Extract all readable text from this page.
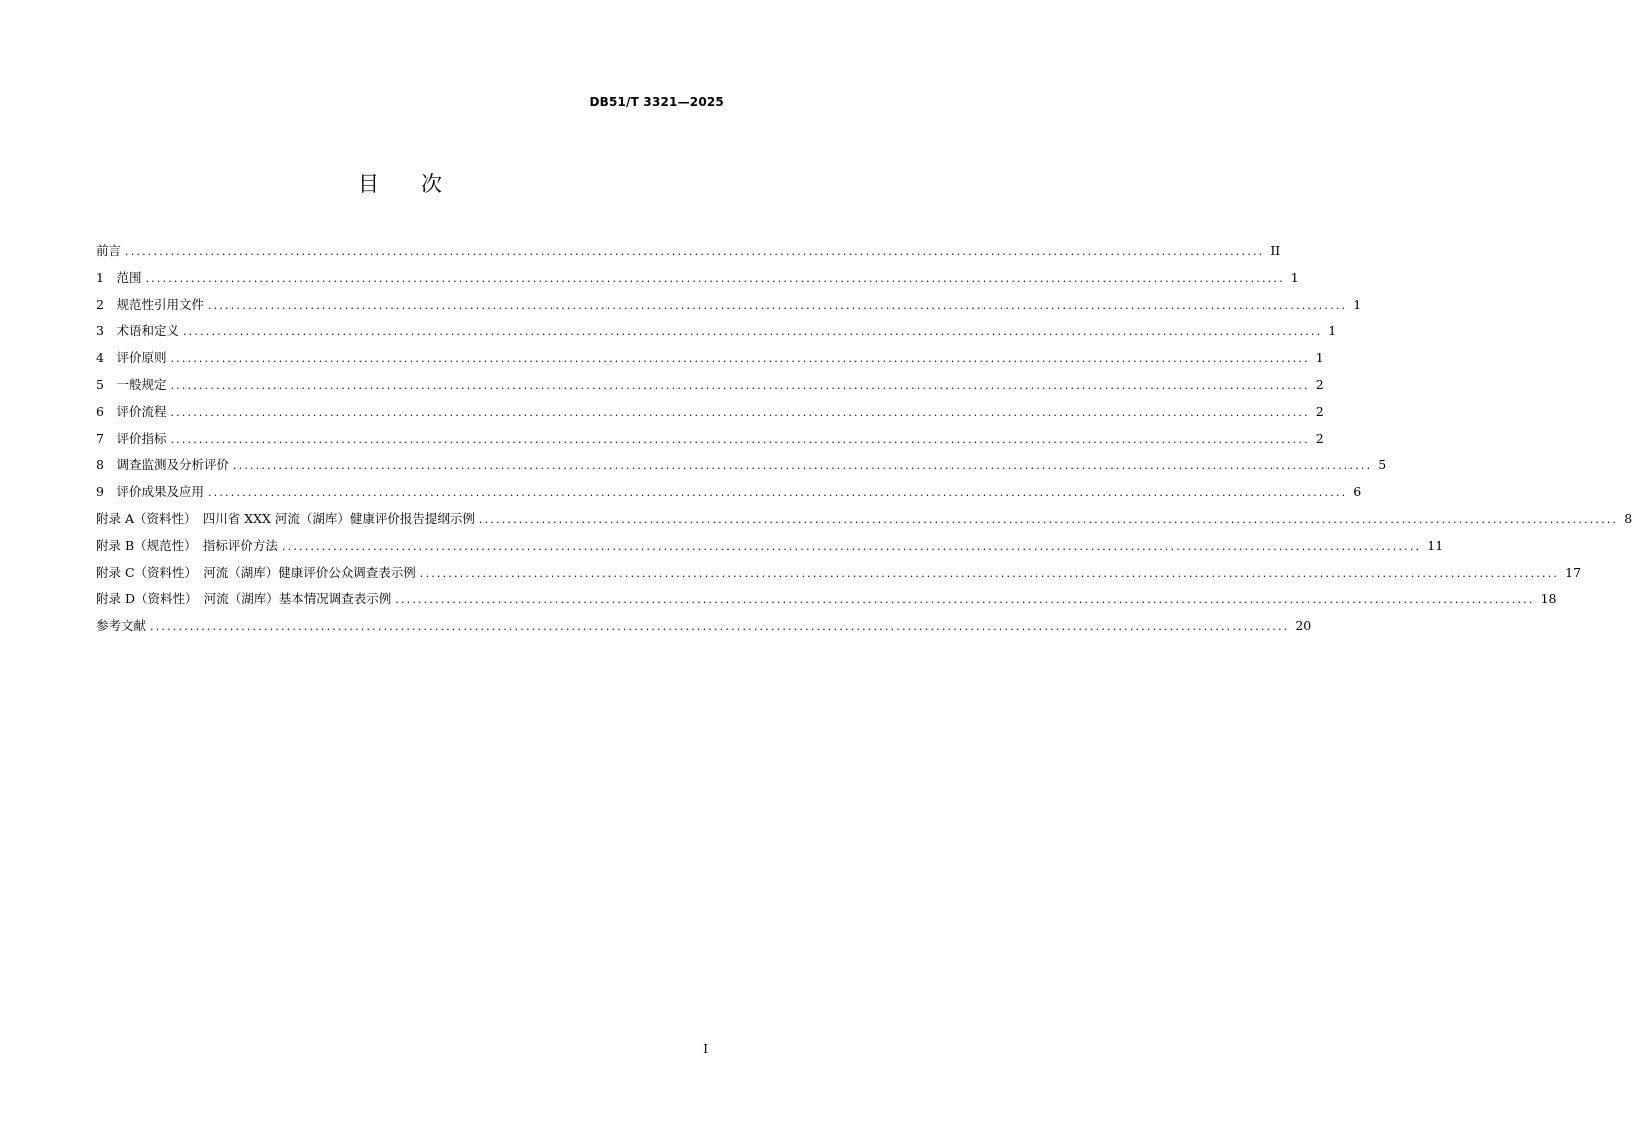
DB51/T 3321—2025
目次
前言 ........................................................................................................................................................................................................ II
1　范围 ........................................................................................................................................................................................................ 1
2　规范性引用文件 ........................................................................................................................................................................................................ 1
3　术语和定义 ........................................................................................................................................................................................................ 1
4　评价原则 ........................................................................................................................................................................................................ 1
5　一般规定 ........................................................................................................................................................................................................ 2
6　评价流程 ........................................................................................................................................................................................................ 2
7　评价指标 ........................................................................................................................................................................................................ 2
8　调查监测及分析评价 ........................................................................................................................................................................................................ 5
9　评价成果及应用 ........................................................................................................................................................................................................ 6
附录 A（资料性）　四川省 XXX 河流（湖库）健康评价报告提纲示例 ........................................................................................................................................................................................................ 8
附录 B（规范性）　指标评价方法 ........................................................................................................................................................................................................ 11
附录 C（资料性）　河流（湖库）健康评价公众调查表示例 ........................................................................................................................................................................................................ 17
附录 D（资料性）　河流（湖库）基本情况调查表示例 ........................................................................................................................................................................................................ 18
参考文献 ........................................................................................................................................................................................................ 20
I
